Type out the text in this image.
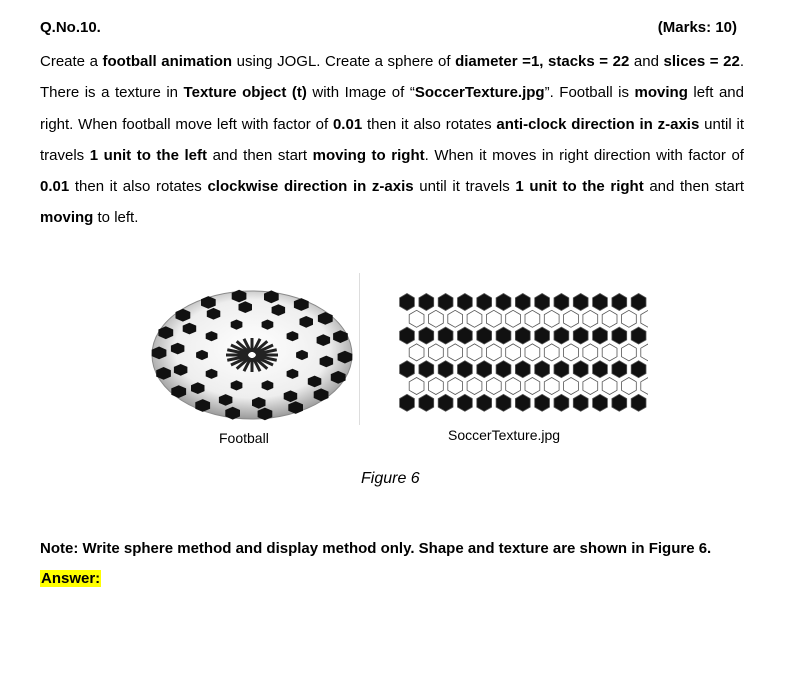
Q.No.10.	(Marks: 10)

Create a football animation using JOGL. Create a sphere of diameter =1, stacks = 22 and slices = 22. There is a texture in Texture object (t) with Image of “SoccerTexture.jpg”. Football is moving left and right. When football move left with factor of 0.01 then it also rotates anti-clock direction in z-axis until it travels 1 unit to the left and then start moving to right. When it moves in right direction with factor of 0.01 then it also rotates clockwise direction in z-axis until it travels 1 unit to the right and then start moving to left.

Football	SoccerTexture.jpg
Figure 6
Note: Write sphere method and display method only. Shape and texture are shown in Figure 6.
Answer:
